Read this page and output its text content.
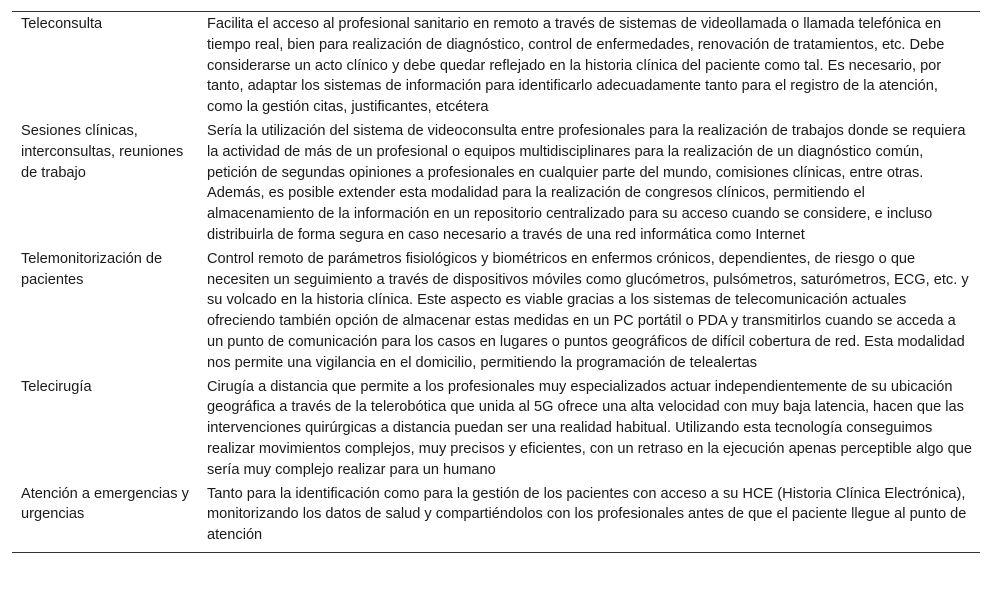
Teleconsulta	Facilita el acceso al profesional sanitario en remoto a través de sistemas de videollamada o llamada telefónica en tiempo real, bien para realización de diagnóstico, control de enfermedades, renovación de tratamientos, etc. Debe considerarse un acto clínico y debe quedar reflejado en la historia clínica del paciente como tal. Es necesario, por tanto, adaptar los sistemas de información para identificarlo adecuadamente tanto para el registro de la atención, como la gestión citas, justificantes, etcétera
Sesiones clínicas, interconsultas, reuniones de trabajo	Sería la utilización del sistema de videoconsulta entre profesionales para la realización de trabajos donde se requiera la actividad de más de un profesional o equipos multidisciplinares para la realización de un diagnóstico común, petición de segundas opiniones a profesionales en cualquier parte del mundo, comisiones clínicas, entre otras. Además, es posible extender esta modalidad para la realización de congresos clínicos, permitiendo el almacenamiento de la información en un repositorio centralizado para su acceso cuando se considere, e incluso distribuirla de forma segura en caso necesario a través de una red informática como Internet
Telemonitorización de pacientes	Control remoto de parámetros fisiológicos y biométricos en enfermos crónicos, dependientes, de riesgo o que necesiten un seguimiento a través de dispositivos móviles como glucómetros, pulsómetros, saturómetros, ECG, etc. y su volcado en la historia clínica. Este aspecto es viable gracias a los sistemas de telecomunicación actuales ofreciendo también opción de almacenar estas medidas en un PC portátil o PDA y transmitirlos cuando se acceda a un punto de comunicación para los casos en lugares o puntos geográficos de difícil cobertura de red. Esta modalidad nos permite una vigilancia en el domicilio, permitiendo la programación de telealertas
Telecirugía	Cirugía a distancia que permite a los profesionales muy especializados actuar independientemente de su ubicación geográfica a través de la telerobótica que unida al 5G ofrece una alta velocidad con muy baja latencia, hacen que las intervenciones quirúrgicas a distancia puedan ser una realidad habitual. Utilizando esta tecnología conseguimos realizar movimientos complejos, muy precisos y eficientes, con un retraso en la ejecución apenas perceptible algo que sería muy complejo realizar para un humano
Atención a emergencias y urgencias	Tanto para la identificación como para la gestión de los pacientes con acceso a su HCE (Historia Clínica Electrónica), monitorizando los datos de salud y compartiéndolos con los profesionales antes de que el paciente llegue al punto de atención
